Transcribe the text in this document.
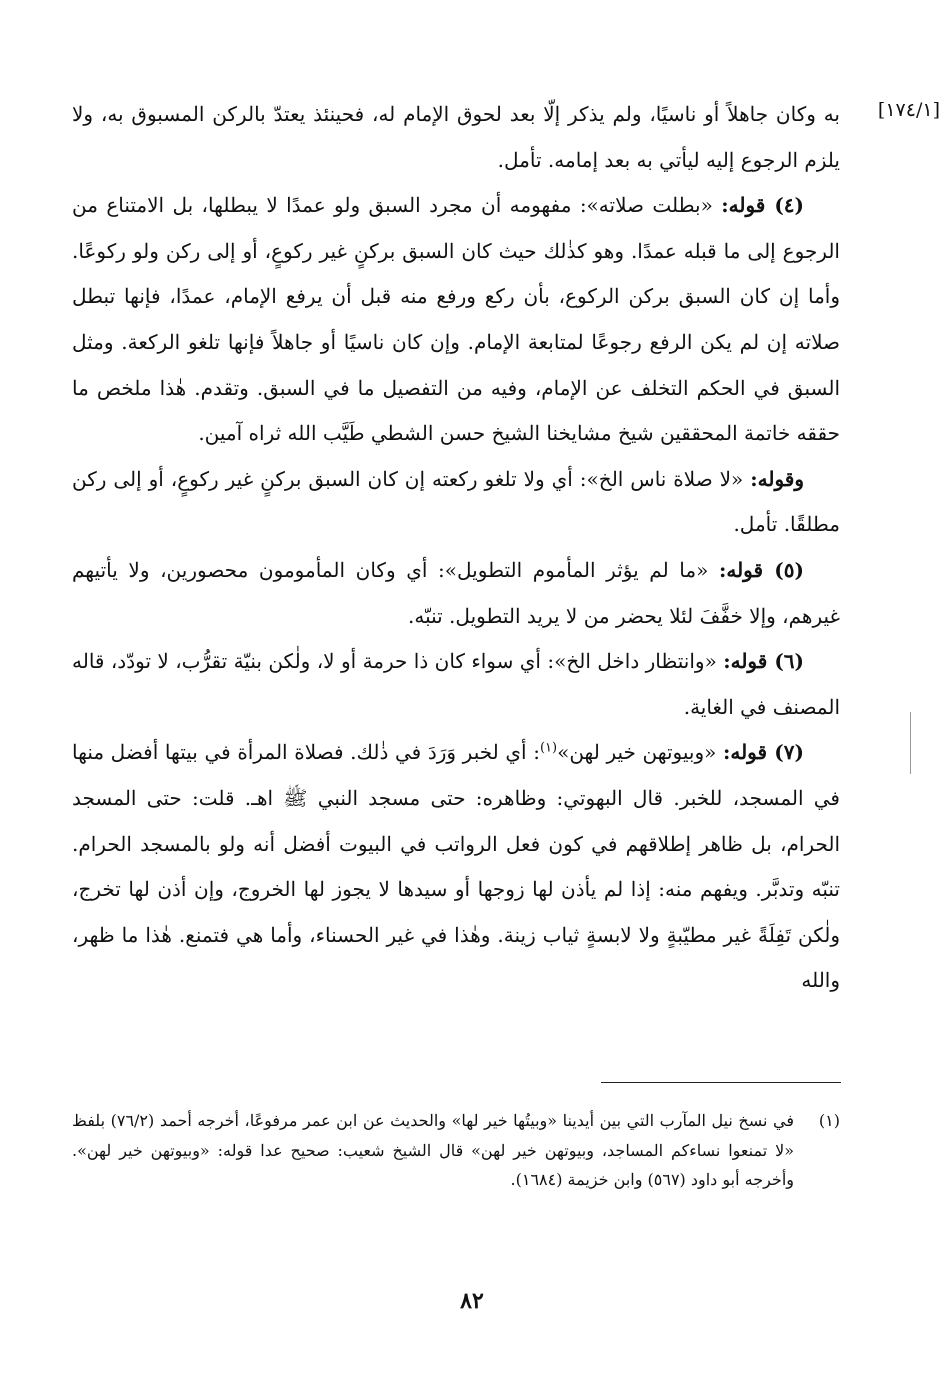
[١٧٤/١]

به وكان جاهلاً أو ناسيًا، ولم يذكر إلّا بعد لحوق الإمام له، فحينئذ يعتدّ بالركن المسبوق به، ولا يلزم الرجوع إليه ليأتي به بعد إمامه. تأمل.

(٤) قوله: «بطلت صلاته»: مفهومه أن مجرد السبق ولو عمدًا لا يبطلها، بل الامتناع من الرجوع إلى ما قبله عمدًا. وهو كذٰلك حيث كان السبق بركنٍ غير ركوعٍ، أو إلى ركن ولو ركوعًا. وأما إن كان السبق بركن الركوع، بأن ركع ورفع منه قبل أن يرفع الإمام، عمدًا، فإنها تبطل صلاته إن لم يكن الرفع رجوعًا لمتابعة الإمام. وإن كان ناسيًا أو جاهلاً فإنها تلغو الركعة. ومثل السبق في الحكم التخلف عن الإمام، وفيه من التفصيل ما في السبق. وتقدم. هٰذا ملخص ما حققه خاتمة المحققين شيخ مشايخنا الشيخ حسن الشطي طَيَّب الله ثراه آمين.

وقوله: «لا صلاة ناس الخ»: أي ولا تلغو ركعته إن كان السبق بركنٍ غير ركوعٍ، أو إلى ركن مطلقًا. تأمل.

(٥) قوله: «ما لم يؤثر المأموم التطويل»: أي وكان المأمومون محصورين، ولا يأتيهم غيرهم، وإلا خفَّفَ لئلا يحضر من لا يريد التطويل. تنبّه.

(٦) قوله: «وانتظار داخل الخ»: أي سواء كان ذا حرمة أو لا، ولٰكن بنيّة تقرُّب، لا تودّد، قاله المصنف في الغاية.

(٧) قوله: «وبيوتهن خير لهن»$^{(١)}$: أي لخبر وَرَدَ في ذٰلك. فصلاة المرأة في بيتها أفضل منها في المسجد، للخبر. قال البهوتي: وظاهره: حتى مسجد النبي ﷺ اهـ. قلت: حتى المسجد الحرام، بل ظاهر إطلاقهم في كون فعل الرواتب في البيوت أفضل أنه ولو بالمسجد الحرام. تنبّه وتدبَّر. ويفهم منه: إذا لم يأذن لها زوجها أو سيدها لا يجوز لها الخروج، وإن أذن لها تخرج، ولٰكن تَفِلَةً غير مطيّبةٍ ولا لابسةٍ ثياب زينة. وهٰذا في غير الحسناء، وأما هي فتمنع. هٰذا ما ظهر، والله

(١)
في نسخ نيل المآرب التي بين أيدينا «وبيتُها خير لها» والحديث عن ابن عمر مرفوعًا، أخرجه أحمد (٧٦/٢) بلفظ «لا تمنعوا نساءكم المساجد، وبيوتهن خير لهن» قال الشيخ شعيب: صحيح عدا قوله: «وبيوتهن خير لهن». وأخرجه أبو داود (٥٦٧) وابن خزيمة (١٦٨٤).
٨٢
